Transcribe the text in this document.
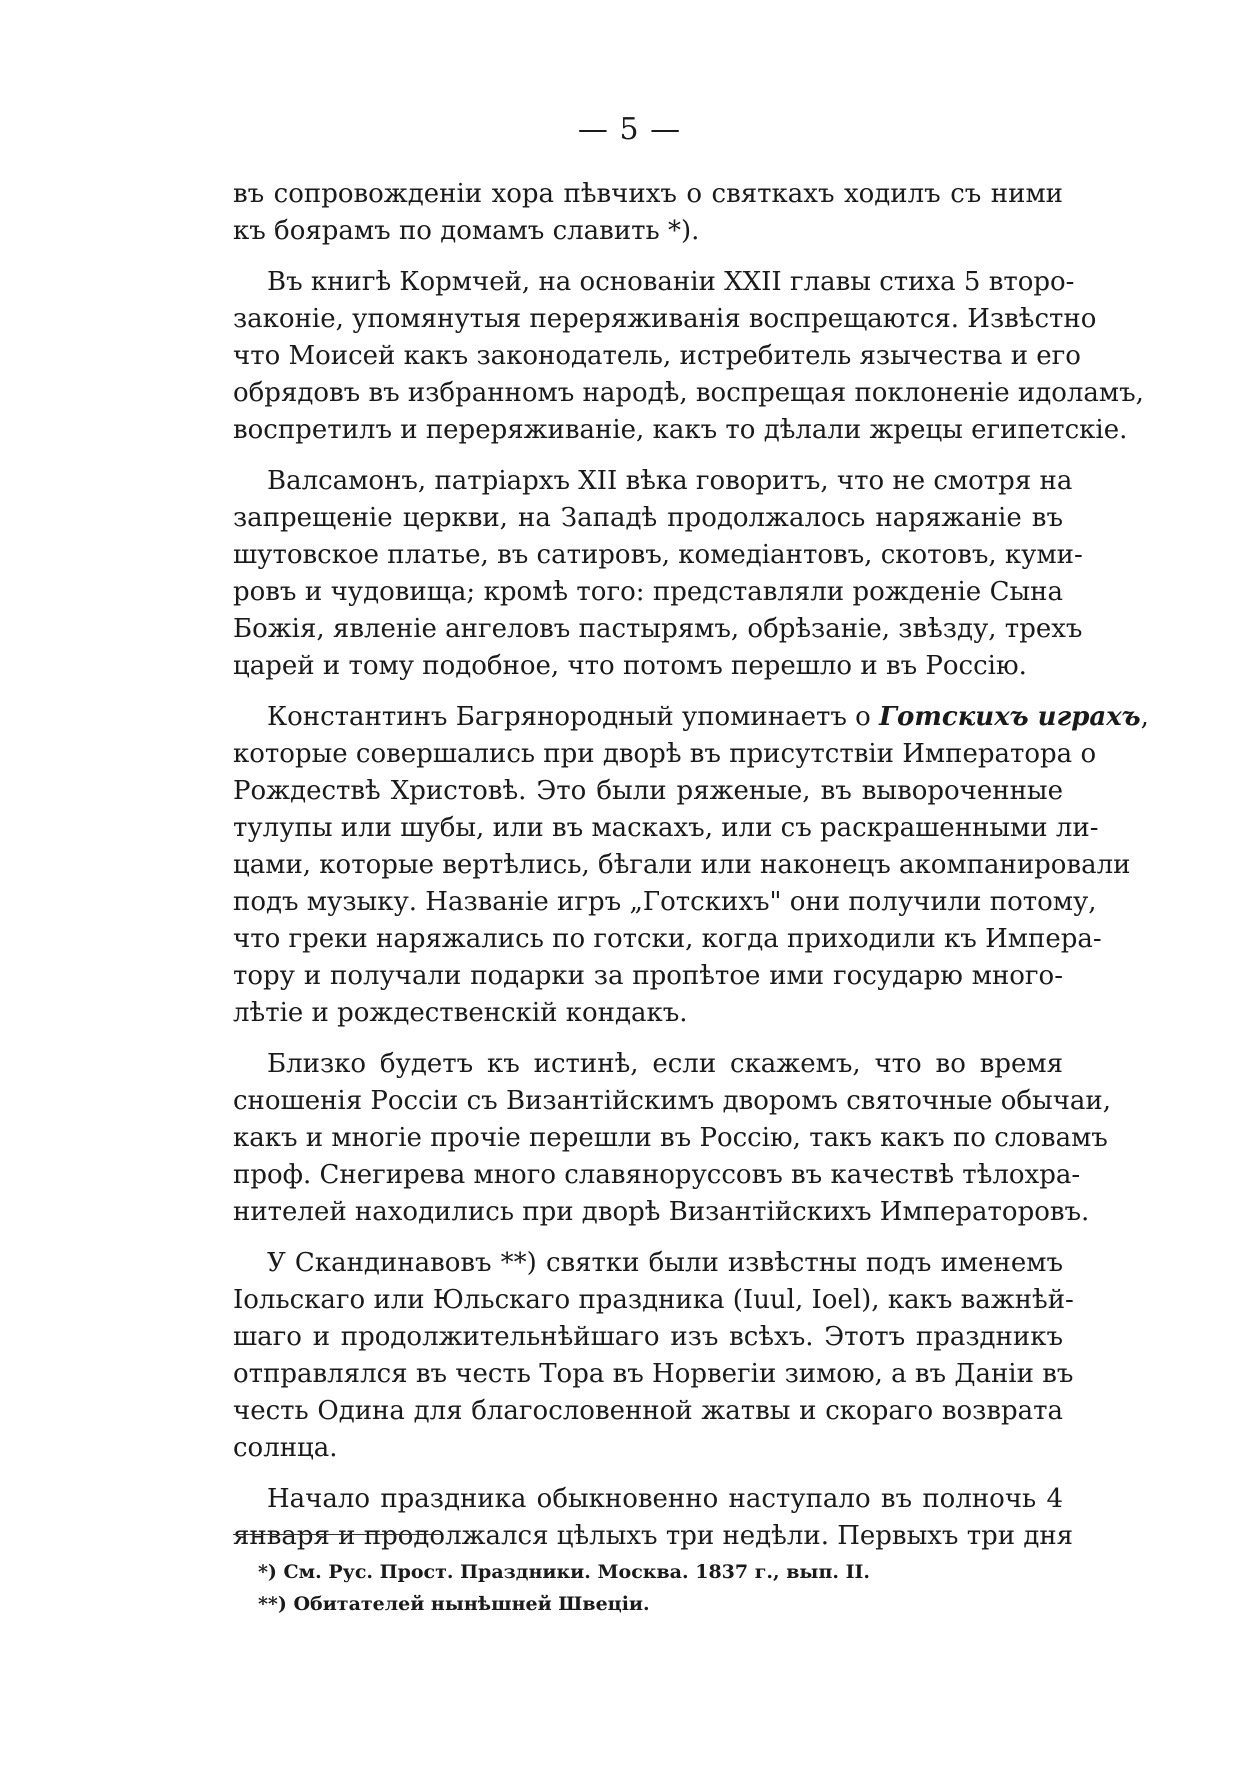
— 5 —
въ сопровожденіи хора пѣвчихъ о святкахъ ходилъ съ ними
къ боярамъ по домамъ славить *).
Въ книгѣ Кормчей, на основаніи XXII главы стиха 5 второ-
законіе, упомянутыя переряживанія воспрещаются. Извѣстно
что Моисей какъ законодатель, истребитель язычества и его
обрядовъ въ избранномъ народѣ, воспрещая поклоненіе идоламъ,
воспретилъ и переряживаніе, какъ то дѣлали жрецы египетскіе.
Валсамонъ, патріархъ XII вѣка говоритъ, что не смотря на
запрещеніе церкви, на Западѣ продолжалось наряжаніе въ
шутовское платье, въ сатировъ, комедіантовъ, скотовъ, куми-
ровъ и чудовища; кромѣ того: представляли рожденіе Сына
Божія, явленіе ангеловъ пастырямъ, обрѣзаніе, звѣзду, трехъ
царей и тому подобное, что потомъ перешло и въ Россію.
Константинъ Багрянородный упоминаетъ о Готскихъ играхъ,
которые совершались при дворѣ въ присутствіи Императора о
Рождествѣ Христовѣ. Это были ряженые, въ вывороченные
тулупы или шубы, или въ маскахъ, или съ раскрашенными ли-
цами, которые вертѣлись, бѣгали или наконецъ акомпанировали
подъ музыку. Названіе игръ „Готскихъ" они получили потому,
что греки наряжались по готски, когда приходили къ Импера-
тору и получали подарки за пропѣтое ими государю много-
лѣтіе и рождественскій кондакъ.
Близко будетъ къ истинѣ, если скажемъ, что во время
сношенія Россіи съ Византійскимъ дворомъ святочные обычаи,
какъ и многіе прочіе перешли въ Россію, такъ какъ по словамъ
проф. Снегирева много славяноруссовъ въ качествѣ тѣлохра-
нителей находились при дворѣ Византійскихъ Императоровъ.
У Скандинавовъ **) святки были извѣстны подъ именемъ
Іольскаго или Юльскаго праздника (Iuul, Ioel), какъ важнѣй-
шаго и продолжительнѣйшаго изъ всѣхъ. Этотъ праздникъ
отправлялся въ честь Тора въ Норвегіи зимою, а въ Даніи въ
честь Одина для благословенной жатвы и скораго возврата
солнца.
Начало праздника обыкновенно наступало въ полночь 4
января и продолжался цѣлыхъ три недѣли. Первыхъ три дня
*) См. Рус. Прост. Праздники. Москва. 1837 г., вып. II.
**) Обитателей нынѣшней Швеціи.
